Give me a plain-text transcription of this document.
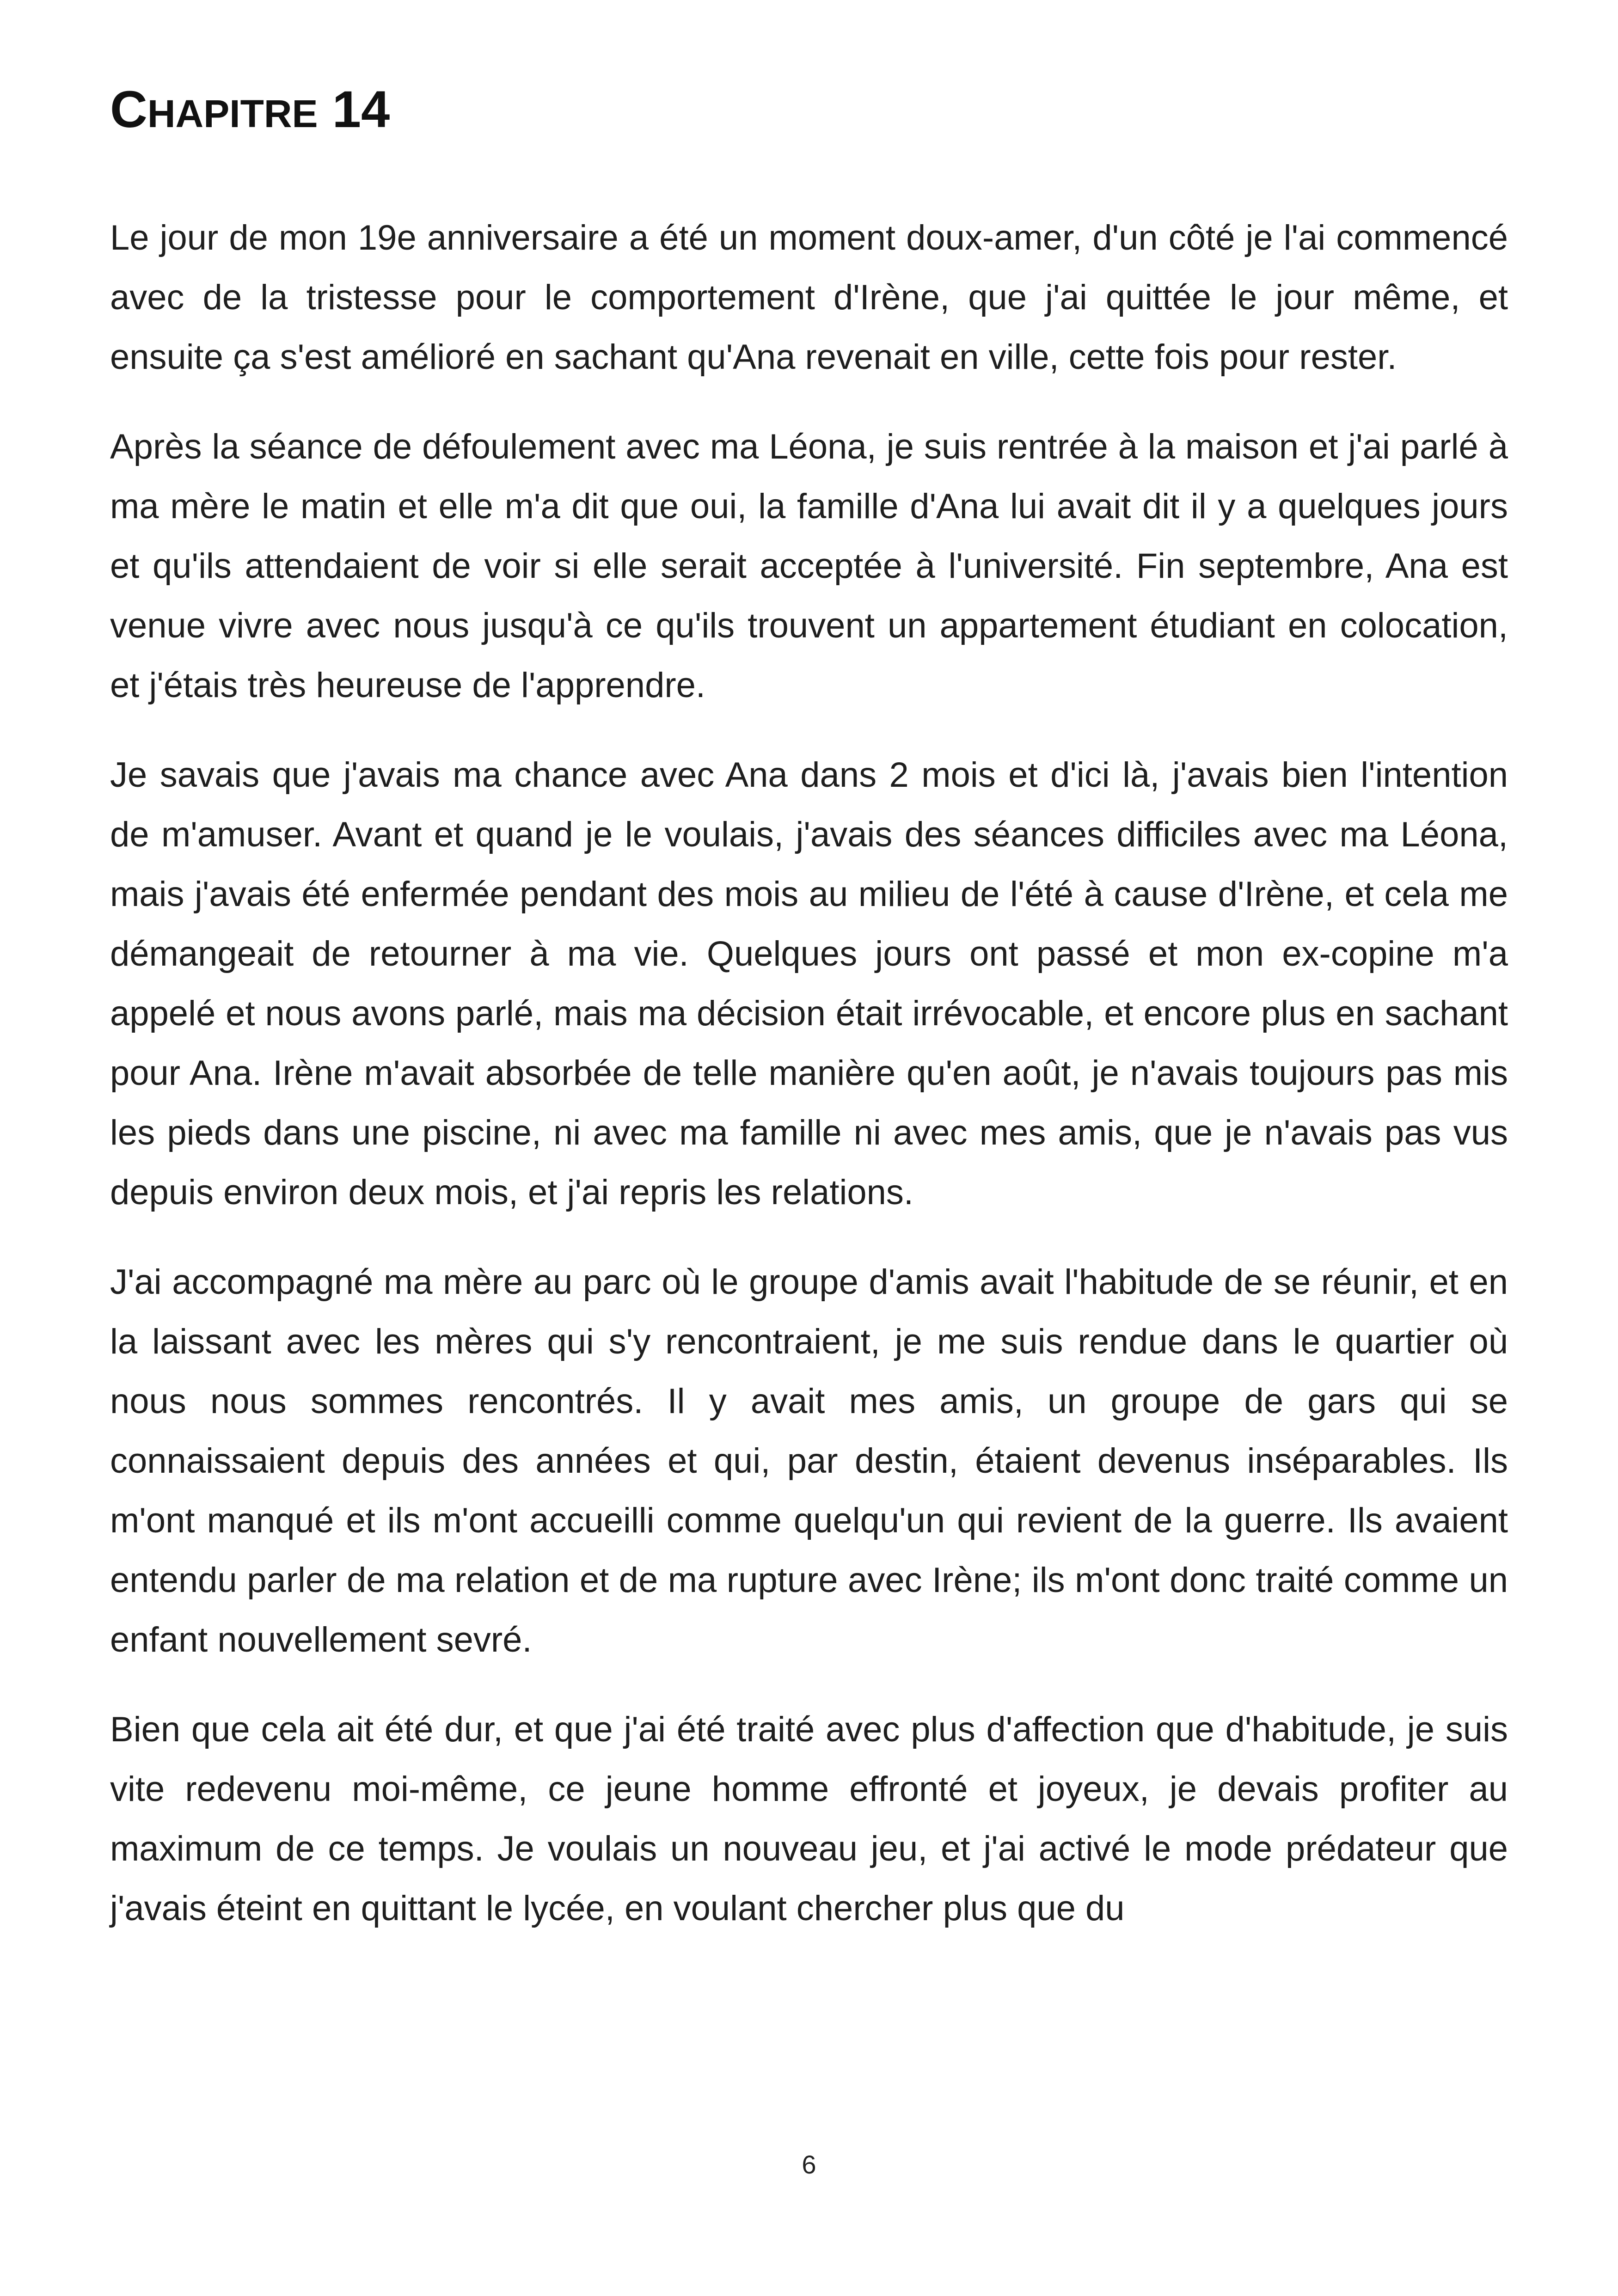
CHAPITRE 14

Le jour de mon 19e anniversaire a été un moment doux-amer, d'un côté je l'ai commencé avec de la tristesse pour le comportement d'Irène, que j'ai quittée le jour même, et ensuite ça s'est amélioré en sachant qu'Ana revenait en ville, cette fois pour rester.

Après la séance de défoulement avec ma Léona, je suis rentrée à la maison et j'ai parlé à ma mère le matin et elle m'a dit que oui, la famille d'Ana lui avait dit il y a quelques jours et qu'ils attendaient de voir si elle serait acceptée à l'université. Fin septembre, Ana est venue vivre avec nous jusqu'à ce qu'ils trouvent un appartement étudiant en colocation, et j'étais très heureuse de l'apprendre.

Je savais que j'avais ma chance avec Ana dans 2 mois et d'ici là, j'avais bien l'intention de m'amuser. Avant et quand je le voulais, j'avais des séances difficiles avec ma Léona, mais j'avais été enfermée pendant des mois au milieu de l'été à cause d'Irène, et cela me démangeait de retourner à ma vie. Quelques jours ont passé et mon ex-copine m'a appelé et nous avons parlé, mais ma décision était irrévocable, et encore plus en sachant pour Ana. Irène m'avait absorbée de telle manière qu'en août, je n'avais toujours pas mis les pieds dans une piscine, ni avec ma famille ni avec mes amis, que je n'avais pas vus depuis environ deux mois, et j'ai repris les relations.

J'ai accompagné ma mère au parc où le groupe d'amis avait l'habitude de se réunir, et en la laissant avec les mères qui s'y rencontraient, je me suis rendue dans le quartier où nous nous sommes rencontrés. Il y avait mes amis, un groupe de gars qui se connaissaient depuis des années et qui, par destin, étaient devenus inséparables. Ils m'ont manqué et ils m'ont accueilli comme quelqu'un qui revient de la guerre. Ils avaient entendu parler de ma relation et de ma rupture avec Irène; ils m'ont donc traité comme un enfant nouvellement sevré.

Bien que cela ait été dur, et que j'ai été traité avec plus d'affection que d'habitude, je suis vite redevenu moi-même, ce jeune homme effronté et joyeux, je devais profiter au maximum de ce temps. Je voulais un nouveau jeu, et j'ai activé le mode prédateur que j'avais éteint en quittant le lycée, en voulant chercher plus que du

6
